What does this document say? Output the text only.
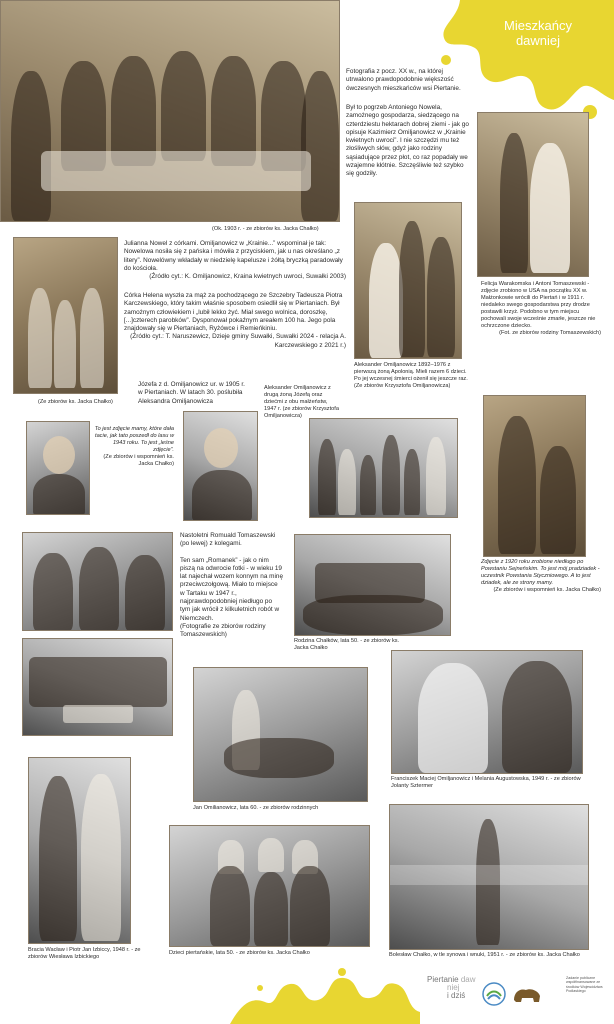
Mieszkańcy
dawniej
(Ok. 1903 r. - ze zbiorów ks. Jacka Chałko)
Fotografia z pocz. XX w., na której utrwalono prawdopodobnie większość ówczesnych mieszkańców wsi Piertanie.
Był to pogrzeb Antoniego Nowela, zamożnego gospodarza, siedzącego na czterdziestu hektarach dobrej ziemi - jak go opisuje Kazimierz Omiljanowicz w „Krainie kwietnych uwroci”. I nie szczędzi mu też złośliwych słów, gdyż jako rodziny sąsiadujące przez płot, co raz popadały we wzajemne kłótnie. Szczęśliwie też szybko się godziły.
(Ze zbiorów ks. Jacka Chałko)
Julianna Nowel z córkami. Omiljanowicz w „Krainie...” wspominał je tak: Nowelowa nosiła się z pańska i mówiła z przyciskiem, jak u nas określano „z litery”. Nowelówny wkładały w niedzielę kapelusze i żółtą bryczką paradowały do kościoła.
(Źródło cyt.: K. Omiljanowicz, Kraina kwietnych uwroci, Suwałki 2003)
Córka Helena wyszła za mąż za pochodzącego ze Szczebry Tadeusza Piotra Karczewskiego, który takim właśnie sposobem osiedlił się w Piertaniach. Był zamożnym człowiekiem i „lubił lekko żyć. Miał swego wolnica, doroszkę, [...]czterech parobków”. Dysponował pokaźnym areałem 100 ha. Jego pola znajdowały się w Piertaniach, Ryżówce i Remieńkiniu.
(Źródło cyt.: T. Naruszewicz, Dzieje gminy Suwałki, Suwałki 2024 - relacja A. Karczewskiego z 2021 r.)
Aleksander Omiljanowicz 1892–1976 z pierwszą żoną Apolonią. Mieli razem 6 dzieci. Po jej wczesnej śmierci ożenił się jeszcze raz.
(Ze zbiorów Krzysztofa Omiljanowicza)
Felicja Warakomska i Antoni Tomaszewski - zdjęcie zrobiono w USA na początku XX w. Małżonkowie wrócili do Piertań i w 1911 r. niedaleko swego gospodarstwa przy drodze postawili krzyż. Podobno w tym miejscu pochowali swoje wcześnie zmarłe, jeszcze nie ochrzczone dziecko.
(Fot. ze zbiorów rodziny Tomaszewskich)
Józefa z d. Omiljanowicz ur. w 1905 r. w Piertaniach. W latach 30. poślubiła Aleksandra Omiljanowicza
To jest zdjęcie mamy, które dała tacie, jak tato poszedł do lasu w 1943 roku. To jest „leśne zdjęcie”.
(Ze zbiorów i wspomnień ks. Jacka Chałko)
Aleksander Omiljanowicz z drugą żoną Józefą oraz dziećmi z obu małżeństw, 1947 r. (ze zbiorów Krzysztofa Omiljanowicza)
Zdjęcie z 1920 roku zrobione niedługo po Powstaniu Sejneńskim. To jest mój pradziadek - uczestnik Powstania Styczniowego. A to jest dziadek, ale ze strony mamy.
(Ze zbiorów i wspomnień ks. Jacka Chałko)
Nastoletni Romuald Tomaszewski (po lewej) z kolegami.
Ten sam „Romanek” - jak o nim piszą na odwrocie fotki - w wieku 19 lat najechał wozem konnym na minę przeciwczołgową. Miało to miejsce w Tartaku w 1947 r., najprawdopodobniej niedługo po tym jak wrócił z kilkuletnich robót w Niemczech.
(Fotografie ze zbiorów rodziny Tomaszewskich)
Rodzina Chałków, lata 50. - ze zbiorów ks. Jacka Chałko
Jan Omilianowicz, lata 60. - ze zbiorów rodzinnych
Franciszek Maciej Omiljanowicz i Melania Augustowska, 1949 r. - ze zbiorów Jolanty Sztermer
Bracia Wacław i Piotr Jan Izbiccy, 1948 r. - ze zbiorów Wiesława Izbickiego
Dzieci piertańskie, lata 50. - ze zbiorów ks. Jacka Chałko	Bolesław Chałko, w tle synowa i wnuki, 1951 r. - ze zbiorów ks. Jacka Chałko
Piertanie daw
niej
i dziś
Zadanie publiczne współfinansowane ze środków Województwa Podlaskiego
